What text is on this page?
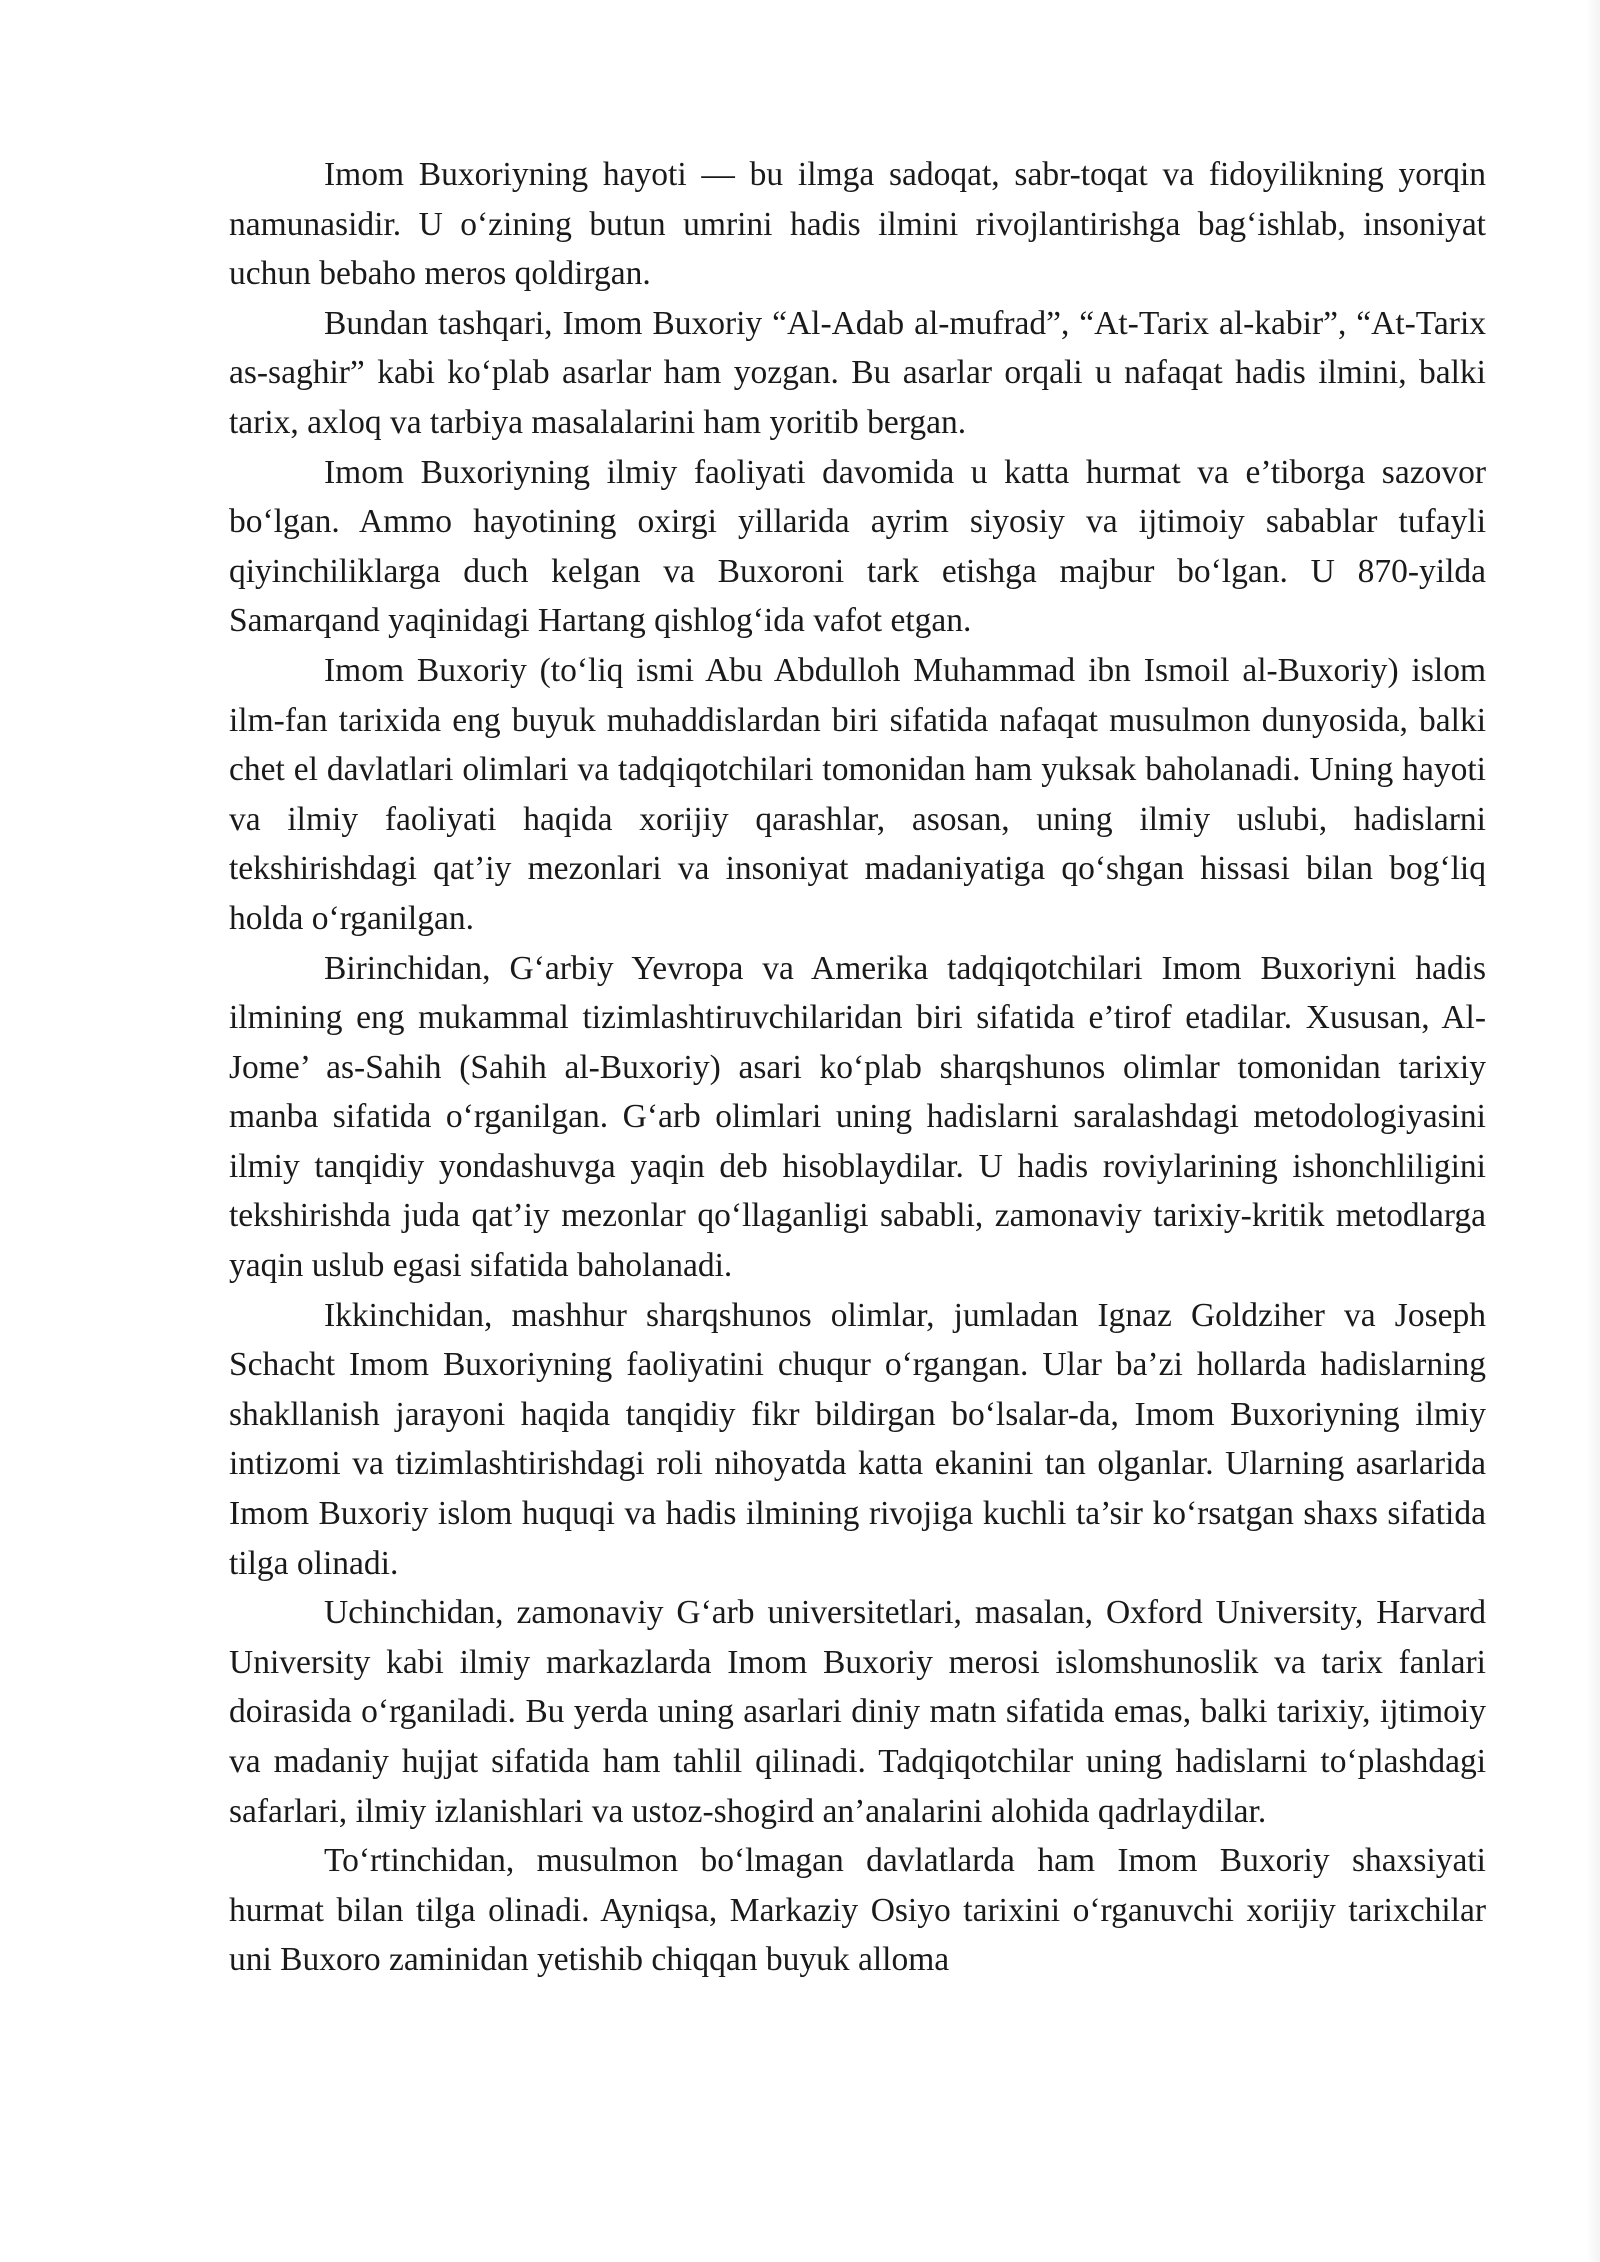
Imom Buxoriyning hayoti — bu ilmga sadoqat, sabr-toqat va fidoyilikning yorqin namunasidir. U o‘zining butun umrini hadis ilmini rivojlantirishga bag‘ishlab, insoniyat uchun bebaho meros qoldirgan.

Bundan tashqari, Imom Buxoriy “Al-Adab al-mufrad”, “At-Tarix al-kabir”, “At-Tarix as-saghir” kabi ko‘plab asarlar ham yozgan. Bu asarlar orqali u nafaqat hadis ilmini, balki tarix, axloq va tarbiya masalalarini ham yoritib bergan.

Imom Buxoriyning ilmiy faoliyati davomida u katta hurmat va e’tiborga sazovor bo‘lgan. Ammo hayotining oxirgi yillarida ayrim siyosiy va ijtimoiy sabablar tufayli qiyinchiliklarga duch kelgan va Buxoroni tark etishga majbur bo‘lgan. U 870-yilda Samarqand yaqinidagi Hartang qishlog‘ida vafot etgan.

Imom Buxoriy (to‘liq ismi Abu Abdulloh Muhammad ibn Ismoil al-Buxoriy) islom ilm-fan tarixida eng buyuk muhaddislardan biri sifatida nafaqat musulmon dunyosida, balki chet el davlatlari olimlari va tadqiqotchilari tomonidan ham yuksak baholanadi. Uning hayoti va ilmiy faoliyati haqida xorijiy qarashlar, asosan, uning ilmiy uslubi, hadislarni tekshirishdagi qat’iy mezonlari va insoniyat madaniyatiga qo‘shgan hissasi bilan bog‘liq holda o‘rganilgan.

Birinchidan, G‘arbiy Yevropa va Amerika tadqiqotchilari Imom Buxoriyni hadis ilmining eng mukammal tizimlashtiruvchilaridan biri sifatida e’tirof etadilar. Xususan, Al-Jome’ as-Sahih (Sahih al-Buxoriy) asari ko‘plab sharqshunos olimlar tomonidan tarixiy manba sifatida o‘rganilgan. G‘arb olimlari uning hadislarni saralashdagi metodologiyasini ilmiy tanqidiy yondashuvga yaqin deb hisoblaydilar. U hadis roviylarining ishonchliligini tekshirishda juda qat’iy mezonlar qo‘llaganligi sababli, zamonaviy tarixiy-kritik metodlarga yaqin uslub egasi sifatida baholanadi.

Ikkinchidan, mashhur sharqshunos olimlar, jumladan Ignaz Goldziher va Joseph Schacht Imom Buxoriyning faoliyatini chuqur o‘rgangan. Ular ba’zi hollarda hadislarning shakllanish jarayoni haqida tanqidiy fikr bildirgan bo‘lsalar-da, Imom Buxoriyning ilmiy intizomi va tizimlashtirishdagi roli nihoyatda katta ekanini tan olganlar. Ularning asarlarida Imom Buxoriy islom huquqi va hadis ilmining rivojiga kuchli ta’sir ko‘rsatgan shaxs sifatida tilga olinadi.

Uchinchidan, zamonaviy G‘arb universitetlari, masalan, Oxford University, Harvard University kabi ilmiy markazlarda Imom Buxoriy merosi islomshunoslik va tarix fanlari doirasida o‘rganiladi. Bu yerda uning asarlari diniy matn sifatida emas, balki tarixiy, ijtimoiy va madaniy hujjat sifatida ham tahlil qilinadi. Tadqiqotchilar uning hadislarni to‘plashdagi safarlari, ilmiy izlanishlari va ustoz-shogird an’analarini alohida qadrlaydilar.

To‘rtinchidan, musulmon bo‘lmagan davlatlarda ham Imom Buxoriy shaxsiyati hurmat bilan tilga olinadi. Ayniqsa, Markaziy Osiyo tarixini o‘rganuvchi xorijiy tarixchilar uni Buxoro zaminidan yetishib chiqqan buyuk alloma
